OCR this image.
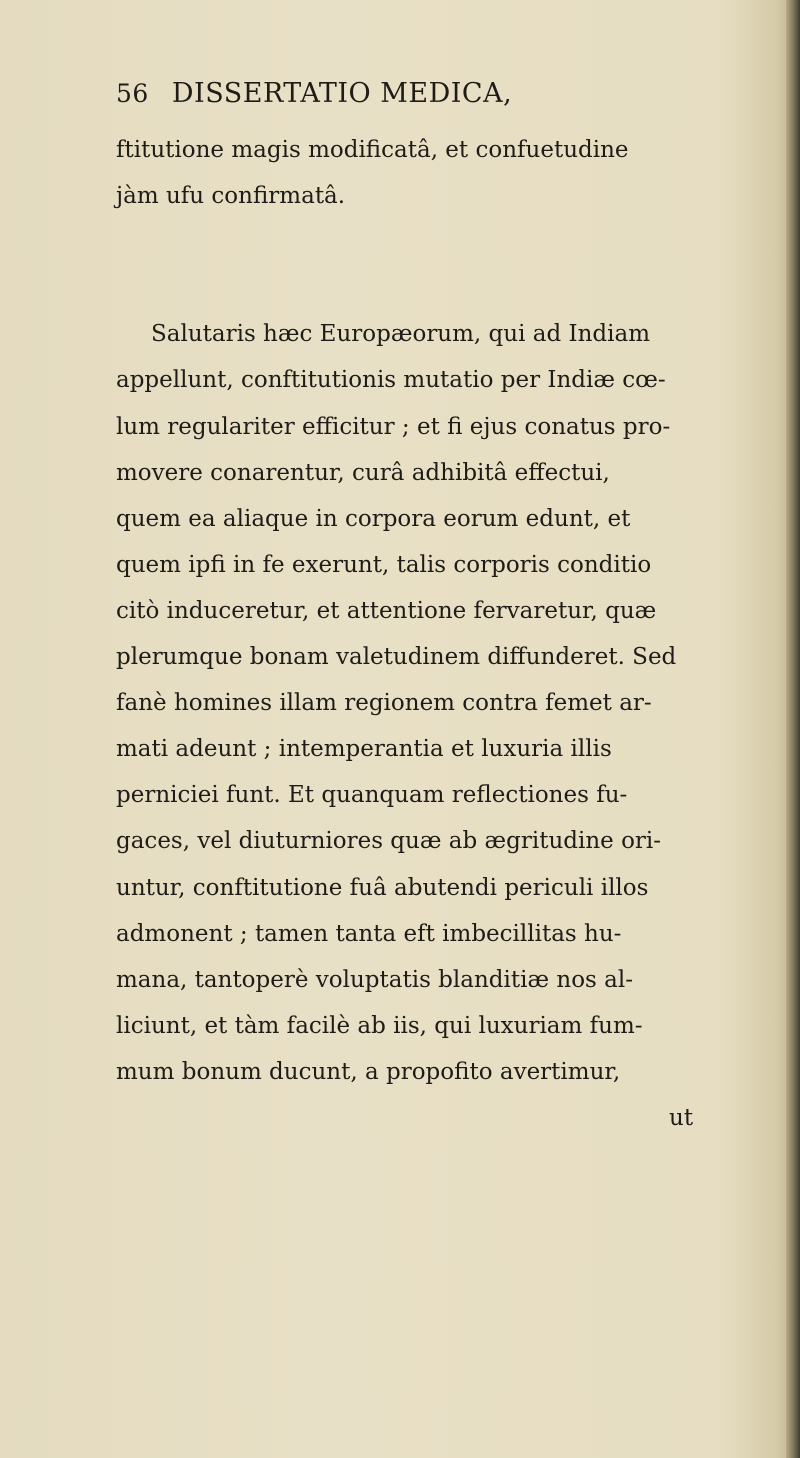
56 DISSERTATIO MEDICA,
ftitutione magis modificatâ, et confuetudine
jàm ufu confirmatâ.
Salutaris hæc Europæorum, qui ad Indiam
appellunt, conftitutionis mutatio per Indiæ cœ-
lum regulariter efficitur ; et fi ejus conatus pro-
movere conarentur, curâ adhibitâ effectui,
quem ea aliaque in corpora eorum edunt, et
quem ipfi in fe exerunt, talis corporis conditio
citò induceretur, et attentione fervaretur, quæ
plerumque bonam valetudinem diffunderet. Sed
fanè homines illam regionem contra femet ar-
mati adeunt ; intemperantia et luxuria illis
perniciei funt. Et quanquam reflectiones fu-
gaces, vel diuturniores quæ ab ægritudine ori-
untur, conftitutione fuâ abutendi periculi illos
admonent ; tamen tanta eft imbecillitas hu-
mana, tantoperè voluptatis blanditiæ nos al-
liciunt, et tàm facilè ab iis, qui luxuriam fum-
mum bonum ducunt, a propofito avertimur,
ut
